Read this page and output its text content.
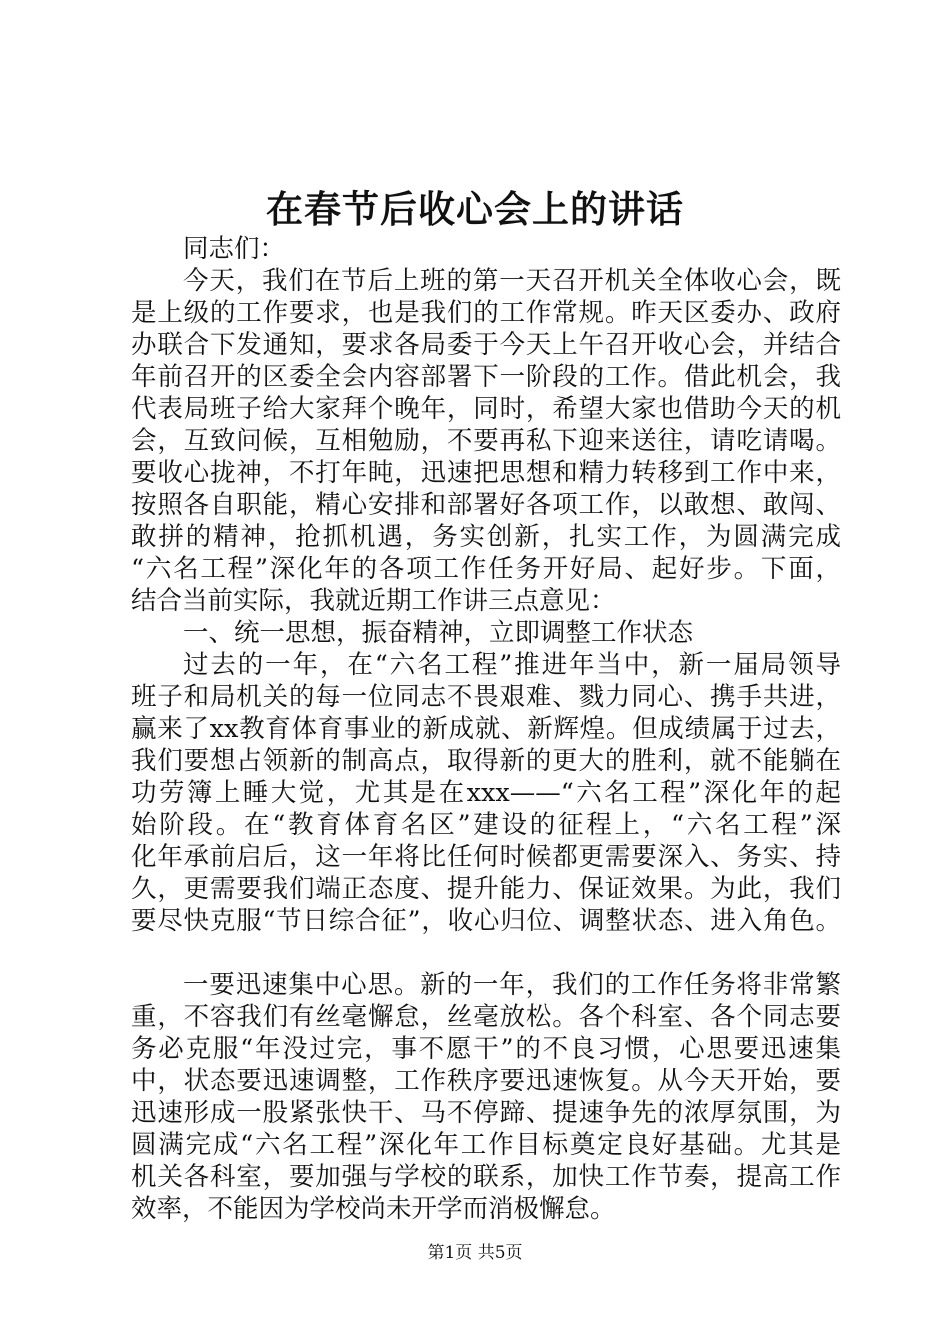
在春节后收心会上的讲话
同志们：
今天，我们在节后上班的第一天召开机关全体收心会，既
是上级的工作要求，也是我们的工作常规。昨天区委办、政府
办联合下发通知，要求各局委于今天上午召开收心会，并结合
年前召开的区委全会内容部署下一阶段的工作。借此机会，我
代表局班子给大家拜个晚年，同时，希望大家也借助今天的机
会，互致问候，互相勉励，不要再私下迎来送往，请吃请喝。
要收心拢神，不打年盹，迅速把思想和精力转移到工作中来，
按照各自职能，精心安排和部署好各项工作，以敢想、敢闯、
敢拼的精神，抢抓机遇，务实创新，扎实工作，为圆满完成
“六名工程”深化年的各项工作任务开好局、起好步。下面，
结合当前实际，我就近期工作讲三点意见：
一、统一思想，振奋精神，立即调整工作状态
过去的一年，在“六名工程”推进年当中，新一届局领导
班子和局机关的每一位同志不畏艰难、戮力同心、携手共进，
赢来了xx教育体育事业的新成就、新辉煌。但成绩属于过去，
我们要想占领新的制高点，取得新的更大的胜利，就不能躺在
功劳簿上睡大觉，尤其是在xxx——“六名工程”深化年的起
始阶段。在“教育体育名区”建设的征程上，“六名工程”深
化年承前启后，这一年将比任何时候都更需要深入、务实、持
久，更需要我们端正态度、提升能力、保证效果。为此，我们
要尽快克服“节日综合征”，收心归位、调整状态、进入角色。
一要迅速集中心思。新的一年，我们的工作任务将非常繁
重，不容我们有丝毫懈怠，丝毫放松。各个科室、各个同志要
务必克服“年没过完，事不愿干”的不良习惯，心思要迅速集
中，状态要迅速调整，工作秩序要迅速恢复。从今天开始，要
迅速形成一股紧张快干、马不停蹄、提速争先的浓厚氛围，为
圆满完成“六名工程”深化年工作目标奠定良好基础。尤其是
机关各科室，要加强与学校的联系，加快工作节奏，提高工作
效率，不能因为学校尚未开学而消极懈怠。
第1页 共5页
